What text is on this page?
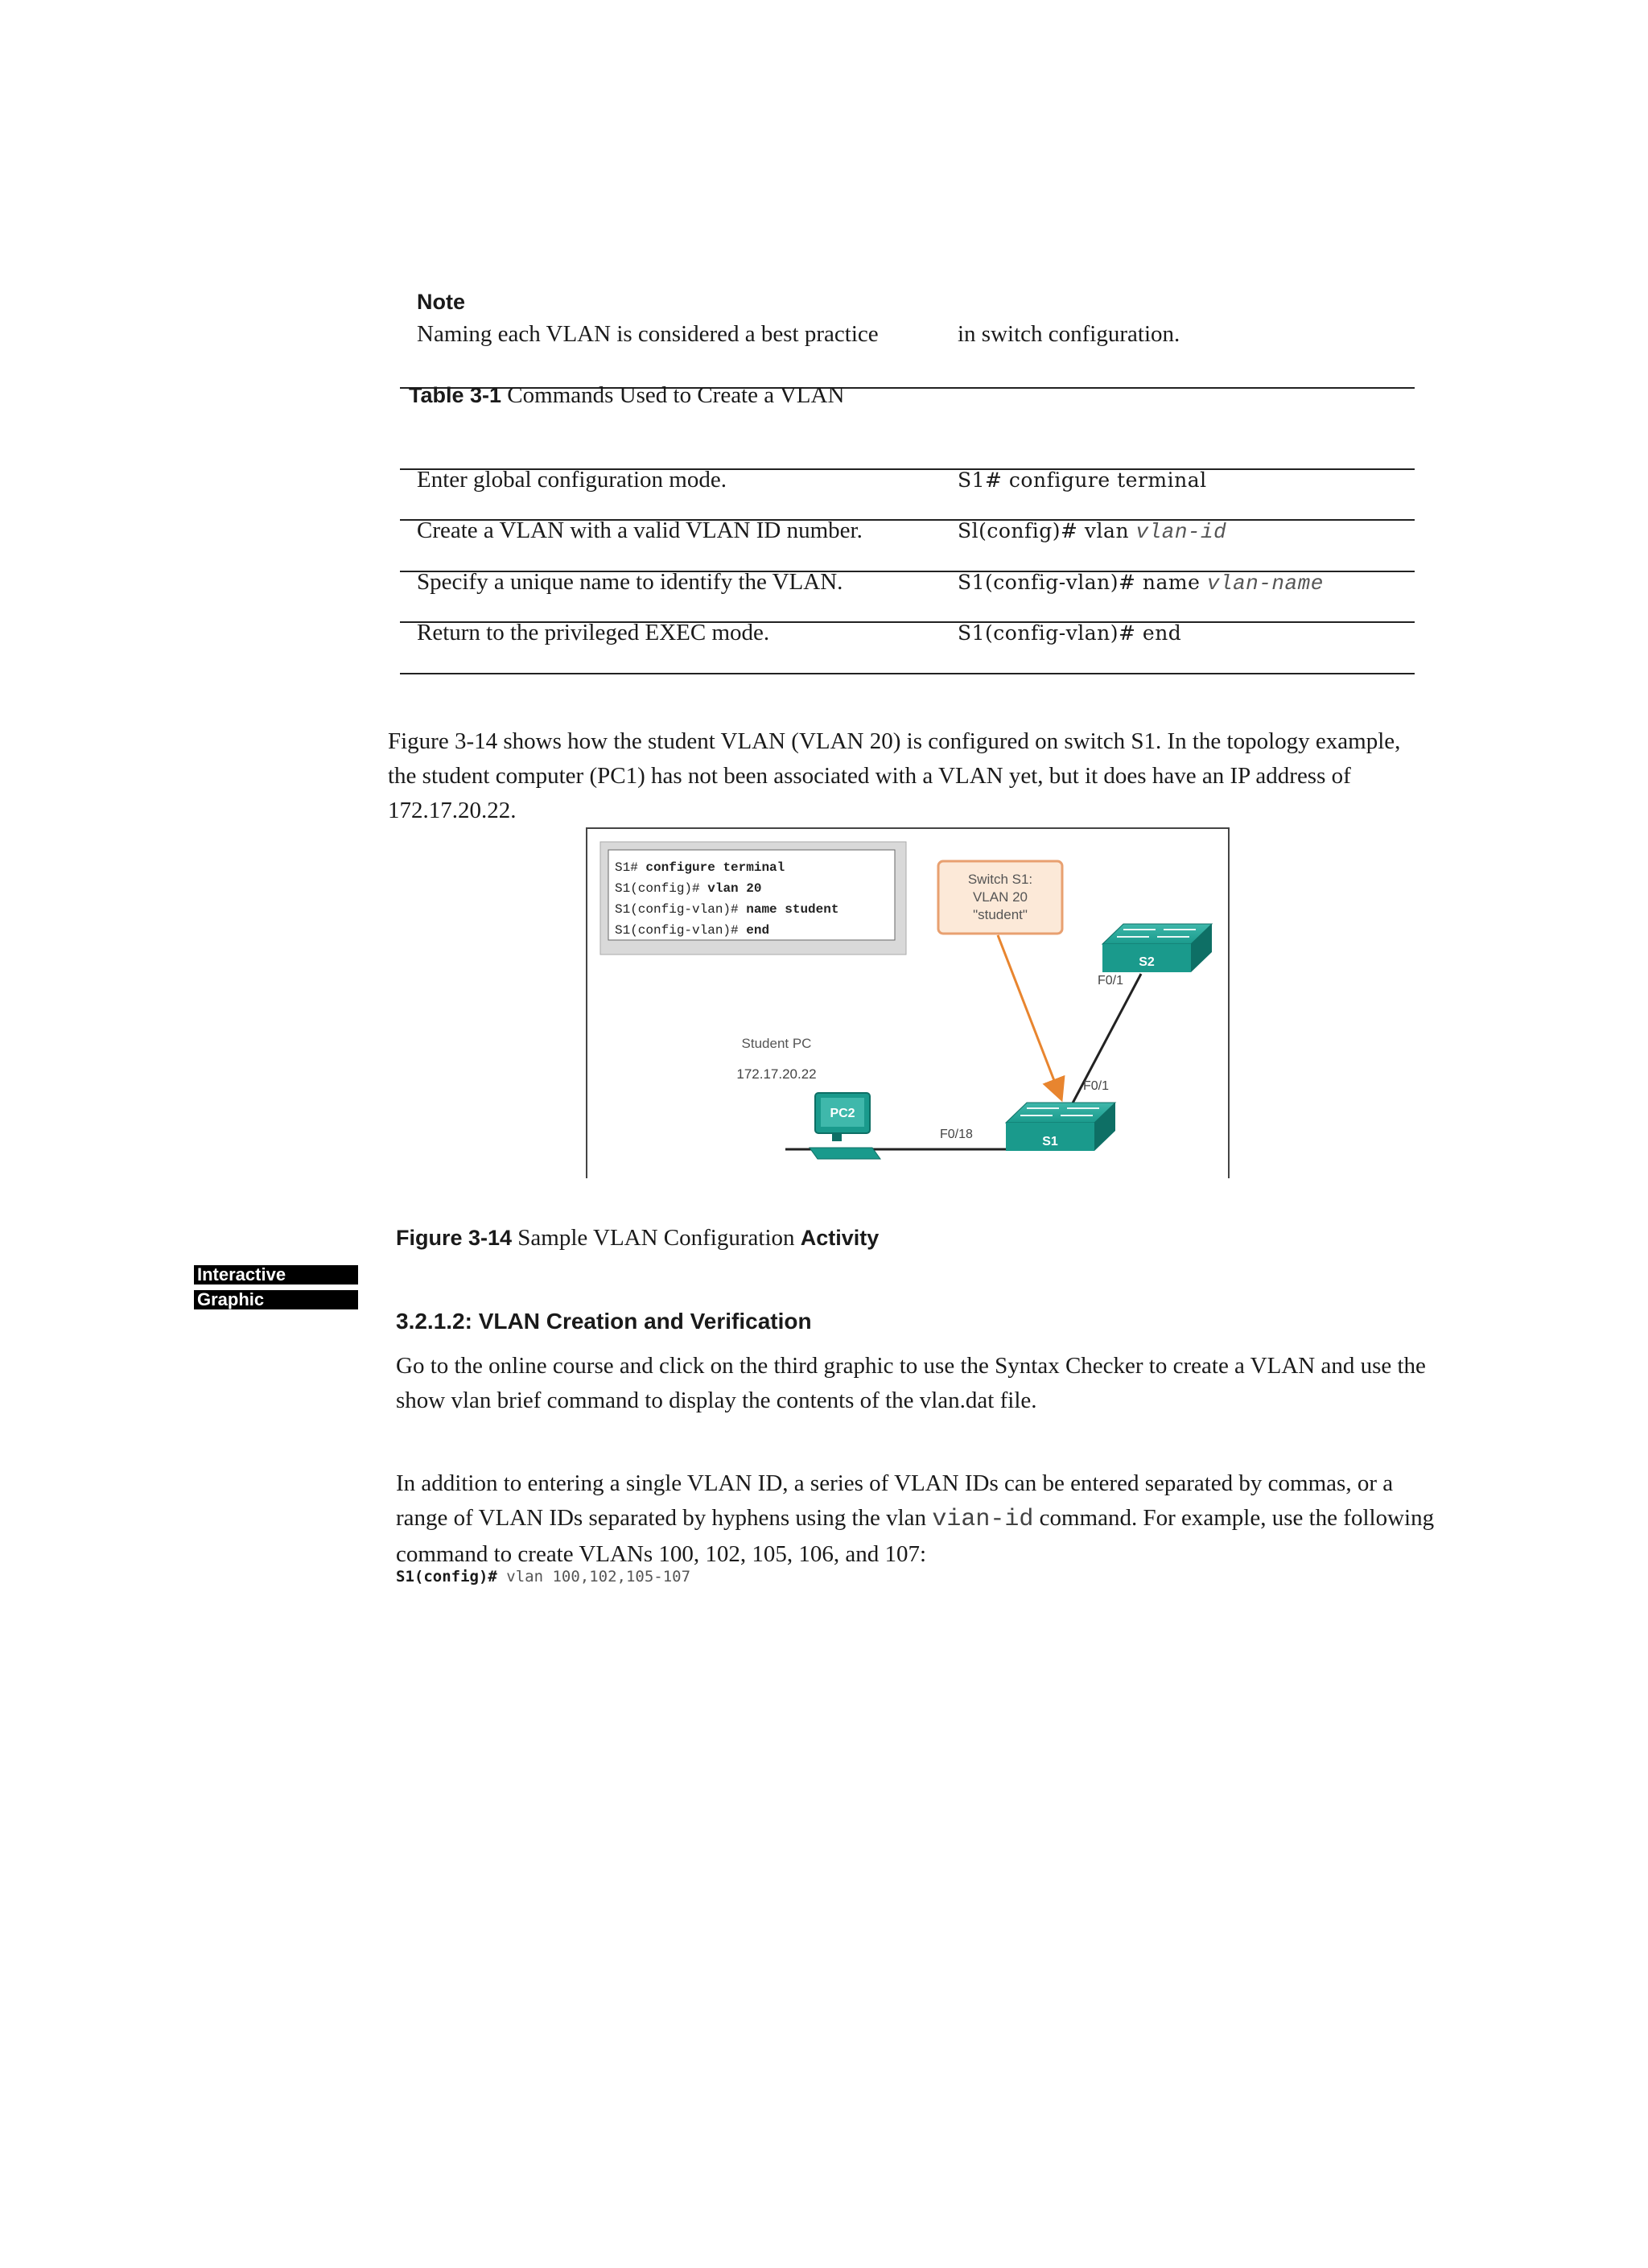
Note
Naming each VLAN is considered a best practice	in switch configuration.
Table 3-1 Commands Used to Create a VLAN
Enter global configuration mode.	S1# configure terminal
Create a VLAN with a valid VLAN ID number.	Sl(config)# vlan vlan-id
Specify a unique name to identify the VLAN.	S1(config-vlan)# name vlan-name
Return to the privileged EXEC mode.	S1(config-vlan)# end
Figure 3-14 shows how the student VLAN (VLAN 20) is configured on switch S1. In the topology example, the student computer (PC1) has not been associated with a VLAN yet, but it does have an IP address of 172.17.20.22.
S1# configure terminal
S1(config)# vlan 20
S1(config-vlan)# name student
S1(config-vlan)# end
Switch S1:
VLAN 20
"student"
S2
F0/1
S1
F0/1
F0/18
Student PC
172.17.20.22
PC2
Figure 3-14 Sample VLAN Configuration Activity
Interactive
Graphic
3.2.1.2: VLAN Creation and Verification
Go to the online course and click on the third graphic to use the Syntax Checker to create a VLAN and use the show vlan brief command to display the contents of the vlan.dat file.
In addition to entering a single VLAN ID, a series of VLAN IDs can be entered separated by commas, or a range of VLAN IDs separated by hyphens using the vlan vian-id command. For example, use the following command to create VLANs 100, 102, 105, 106, and 107:
S1(config)# vlan 100,102,105-107
